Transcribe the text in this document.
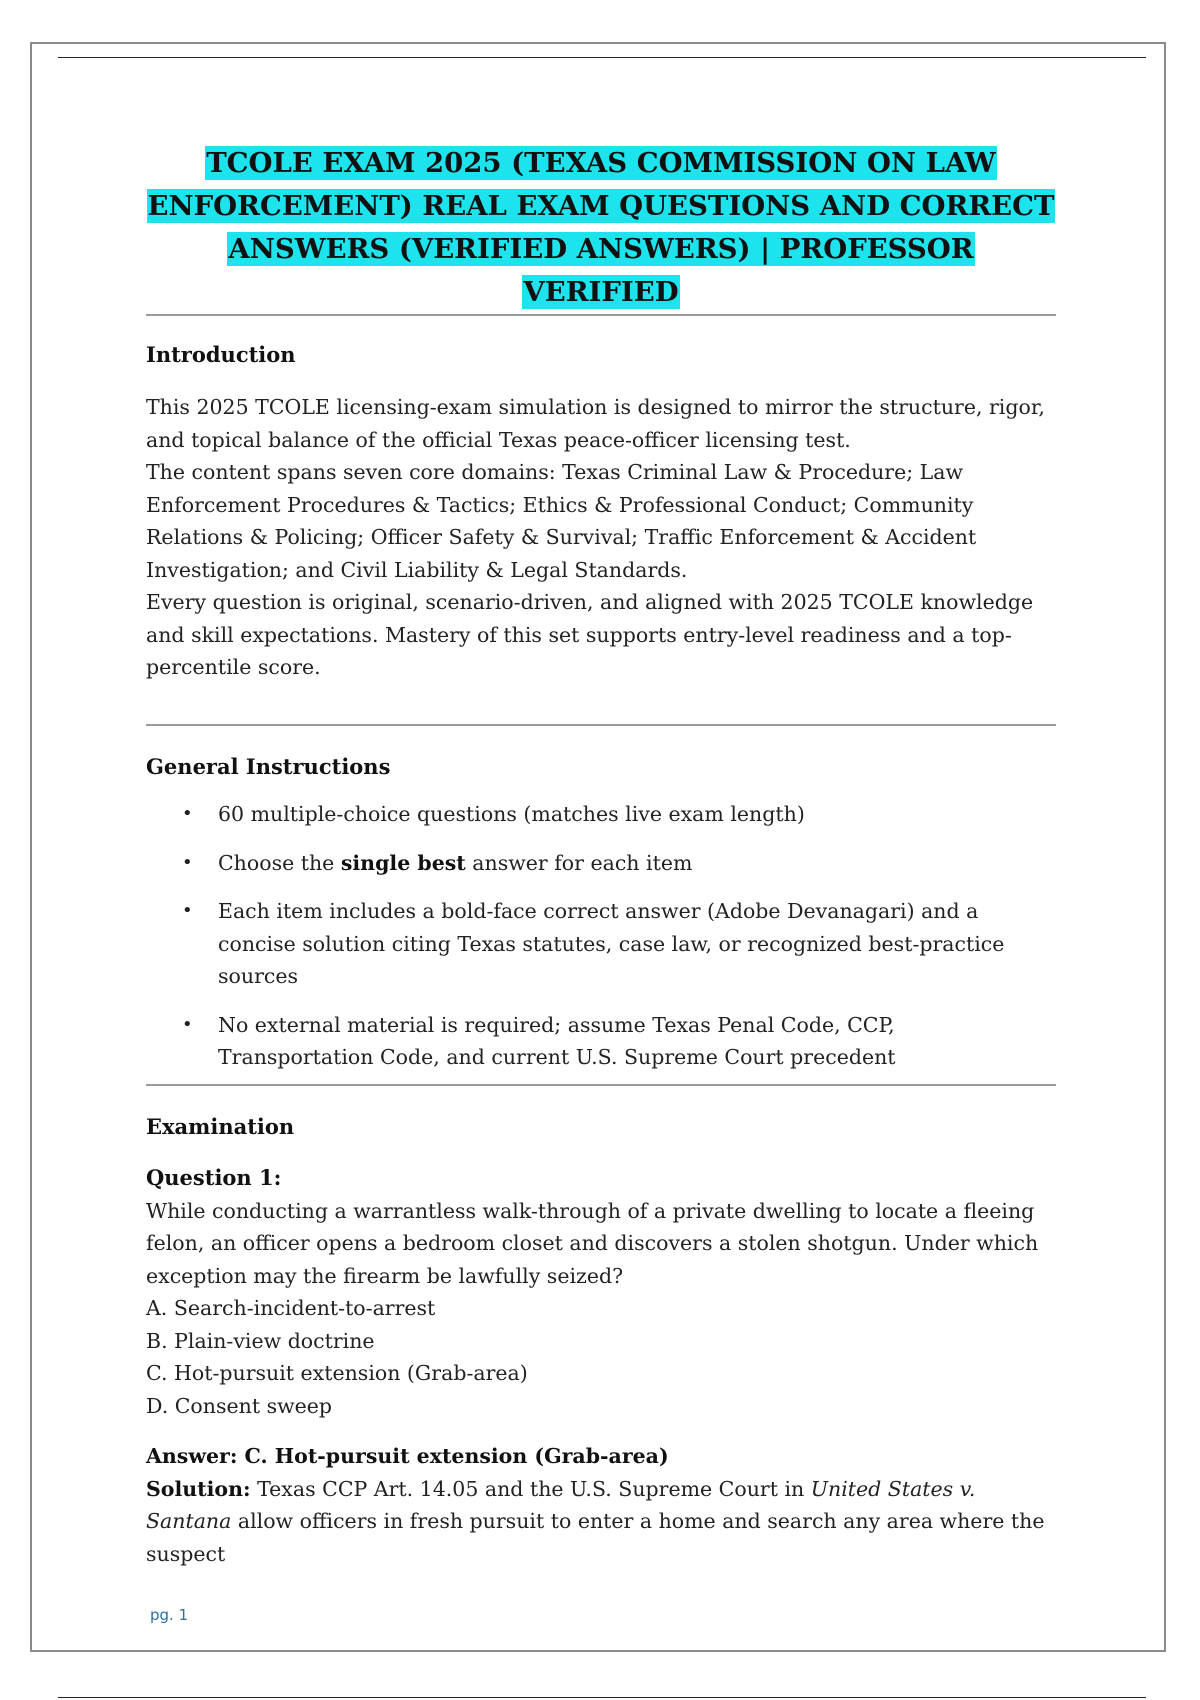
TCOLE EXAM 2025 (TEXAS COMMISSION ON LAW
ENFORCEMENT) REAL EXAM QUESTIONS AND CORRECT
ANSWERS (VERIFIED ANSWERS) | PROFESSOR VERIFIED
Introduction

This 2025 TCOLE licensing-exam simulation is designed to mirror the structure, rigor, and topical balance of the official Texas peace-officer licensing test.

The content spans seven core domains: Texas Criminal Law & Procedure; Law Enforcement Procedures & Tactics; Ethics & Professional Conduct; Community Relations & Policing; Officer Safety & Survival; Traffic Enforcement & Accident Investigation; and Civil Liability & Legal Standards.

Every question is original, scenario-driven, and aligned with 2025 TCOLE knowledge and skill expectations. Mastery of this set supports entry-level readiness and a top-percentile score.

General Instructions
• 60 multiple-choice questions (matches live exam length)
• Choose the single best answer for each item
• Each item includes a bold-face correct answer (Adobe Devanagari) and a concise solution citing Texas statutes, case law, or recognized best-practice sources
• No external material is required; assume Texas Penal Code, CCP, Transportation Code, and current U.S. Supreme Court precedent
Examination
Question 1:
While conducting a warrantless walk-through of a private dwelling to locate a fleeing felon, an officer opens a bedroom closet and discovers a stolen shotgun. Under which exception may the firearm be lawfully seized?
A. Search-incident-to-arrest
B. Plain-view doctrine
C. Hot-pursuit extension (Grab-area)
D. Consent sweep
Answer: C. Hot-pursuit extension (Grab-area)
Solution: Texas CCP Art. 14.05 and the U.S. Supreme Court in United States v. Santana allow officers in fresh pursuit to enter a home and search any area where the suspect
pg. 1
